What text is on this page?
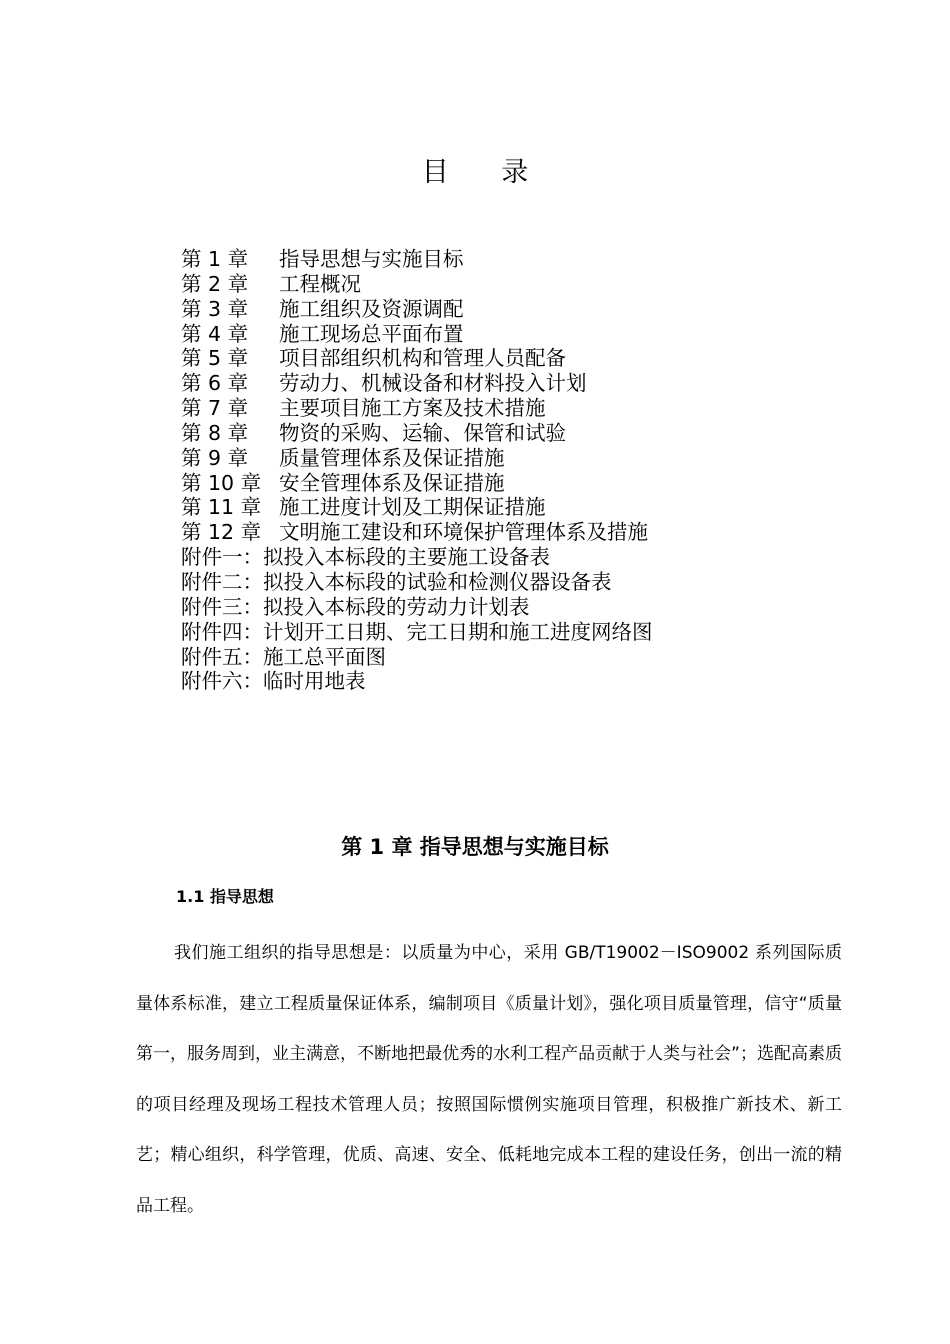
目 录
第 1 章	指导思想与实施目标
第 2 章	工程概况
第 3 章	施工组织及资源调配
第 4 章	施工现场总平面布置
第 5 章	项目部组织机构和管理人员配备
第 6 章	劳动力、机械设备和材料投入计划
第 7 章	主要项目施工方案及技术措施
第 8 章	物资的采购、运输、保管和试验
第 9 章	质量管理体系及保证措施
第 10 章 安全管理体系及保证措施
第 11 章 施工进度计划及工期保证措施
第 12 章 文明施工建设和环境保护管理体系及措施
附件一：拟投入本标段的主要施工设备表
附件二：拟投入本标段的试验和检测仪器设备表
附件三：拟投入本标段的劳动力计划表
附件四：计划开工日期、完工日期和施工进度网络图
附件五：施工总平面图
附件六：临时用地表
第 1 章 指导思想与实施目标
1.1 指导思想

我们施工组织的指导思想是：以质量为中心，采用 GB/T19002－ISO9002 系列国际质量体系标准，建立工程质量保证体系，编制项目《质量计划》，强化项目质量管理，信守“质量第一，服务周到，业主满意，不断地把最优秀的水利工程产品贡献于人类与社会”；选配高素质的项目经理及现场工程技术管理人员；按照国际惯例实施项目管理，积极推广新技术、新工艺；精心组织，科学管理，优质、高速、安全、低耗地完成本工程的建设任务，创出一流的精品工程。
